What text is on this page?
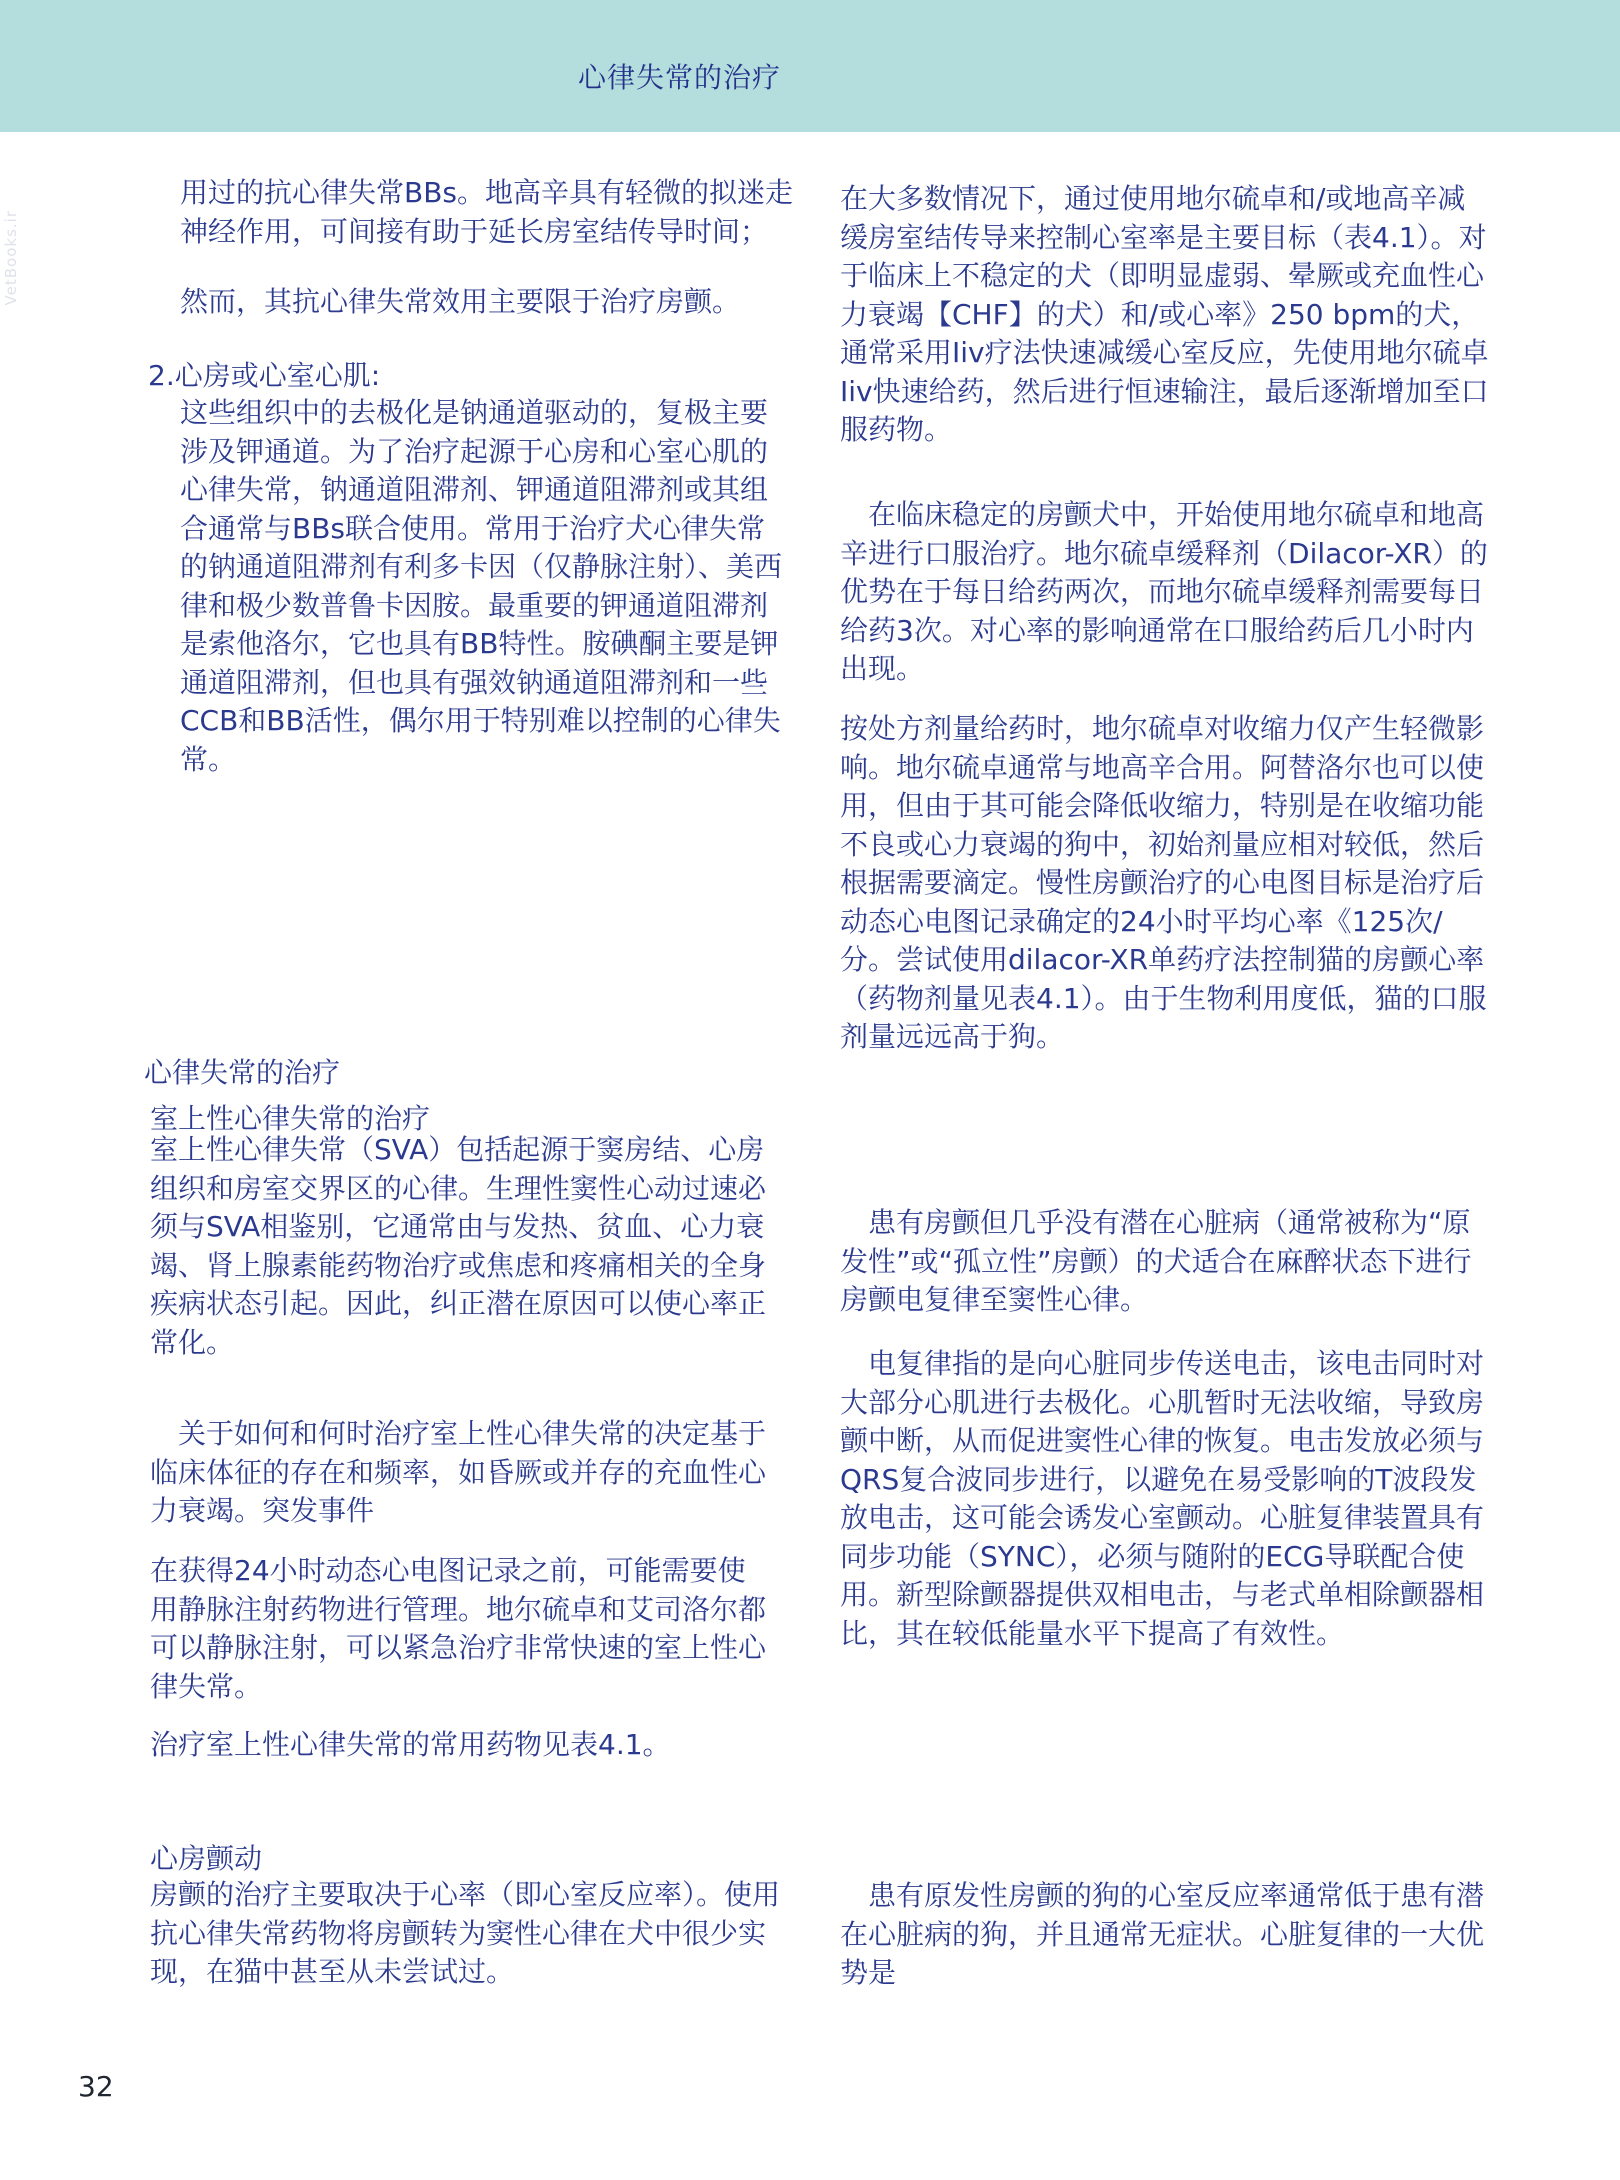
心律失常的治疗
VetBooks.ir

用过的抗心律失常BBs。地高辛具有轻微的拟迷走神经作用，可间接有助于延长房室结传导时间；

然而，其抗心律失常效用主要限于治疗房颤。

2.心房或心室心肌:

这些组织中的去极化是钠通道驱动的，复极主要涉及钾通道。为了治疗起源于心房和心室心肌的心律失常，钠通道阻滞剂、钾通道阻滞剂或其组合通常与BBs联合使用。常用于治疗犬心律失常的钠通道阻滞剂有利多卡因（仅静脉注射）、美西律和极少数普鲁卡因胺。最重要的钾通道阻滞剂是索他洛尔，它也具有BB特性。胺碘酮主要是钾通道阻滞剂，但也具有强效钠通道阻滞剂和一些CCB和BB活性，偶尔用于特别难以控制的心律失常。

心律失常的治疗
室上性心律失常的治疗

室上性心律失常（SVA）包括起源于窦房结、心房组织和房室交界区的心律。生理性窦性心动过速必须与SVA相鉴别，它通常由与发热、贫血、心力衰竭、肾上腺素能药物治疗或焦虑和疼痛相关的全身疾病状态引起。因此，纠正潜在原因可以使心率正常化。

关于如何和何时治疗室上性心律失常的决定基于临床体征的存在和频率，如昏厥或并存的充血性心力衰竭。突发事件

在获得24小时动态心电图记录之前，可能需要使用静脉注射药物进行管理。地尔硫卓和艾司洛尔都可以静脉注射，可以紧急治疗非常快速的室上性心律失常。

治疗室上性心律失常的常用药物见表4.1。

心房颤动

房颤的治疗主要取决于心率（即心室反应率）。使用抗心律失常药物将房颤转为窦性心律在犬中很少实现，在猫中甚至从未尝试过。

在大多数情况下，通过使用地尔硫卓和/或地高辛减缓房室结传导来控制心室率是主要目标（表4.1）。对于临床上不稳定的犬（即明显虚弱、晕厥或充血性心力衰竭【CHF】的犬）和/或心率》250 bpm的犬，通常采用Iiv疗法快速减缓心室反应，先使用地尔硫卓Iiv快速给药，然后进行恒速输注，最后逐渐增加至口服药物。

在临床稳定的房颤犬中，开始使用地尔硫卓和地高辛进行口服治疗。地尔硫卓缓释剂（Dilacor-XR）的优势在于每日给药两次，而地尔硫卓缓释剂需要每日给药3次。对心率的影响通常在口服给药后几小时内出现。

按处方剂量给药时，地尔硫卓对收缩力仅产生轻微影响。地尔硫卓通常与地高辛合用。阿替洛尔也可以使用，但由于其可能会降低收缩力，特别是在收缩功能不良或心力衰竭的狗中，初始剂量应相对较低，然后根据需要滴定。慢性房颤治疗的心电图目标是治疗后动态心电图记录确定的24小时平均心率《125次/分。尝试使用dilacor-XR单药疗法控制猫的房颤心率（药物剂量见表4.1）。由于生物利用度低，猫的口服剂量远远高于狗。

患有房颤但几乎没有潜在心脏病（通常被称为“原发性”或“孤立性”房颤）的犬适合在麻醉状态下进行房颤电复律至窦性心律。

电复律指的是向心脏同步传送电击，该电击同时对大部分心肌进行去极化。心肌暂时无法收缩，导致房颤中断，从而促进窦性心律的恢复。电击发放必须与QRS复合波同步进行，以避免在易受影响的T波段发放电击，这可能会诱发心室颤动。心脏复律装置具有同步功能（SYNC），必须与随附的ECG导联配合使用。新型除颤器提供双相电击，与老式单相除颤器相比，其在较低能量水平下提高了有效性。

患有原发性房颤的狗的心室反应率通常低于患有潜在心脏病的狗，并且通常无症状。心脏复律的一大优势是

32
